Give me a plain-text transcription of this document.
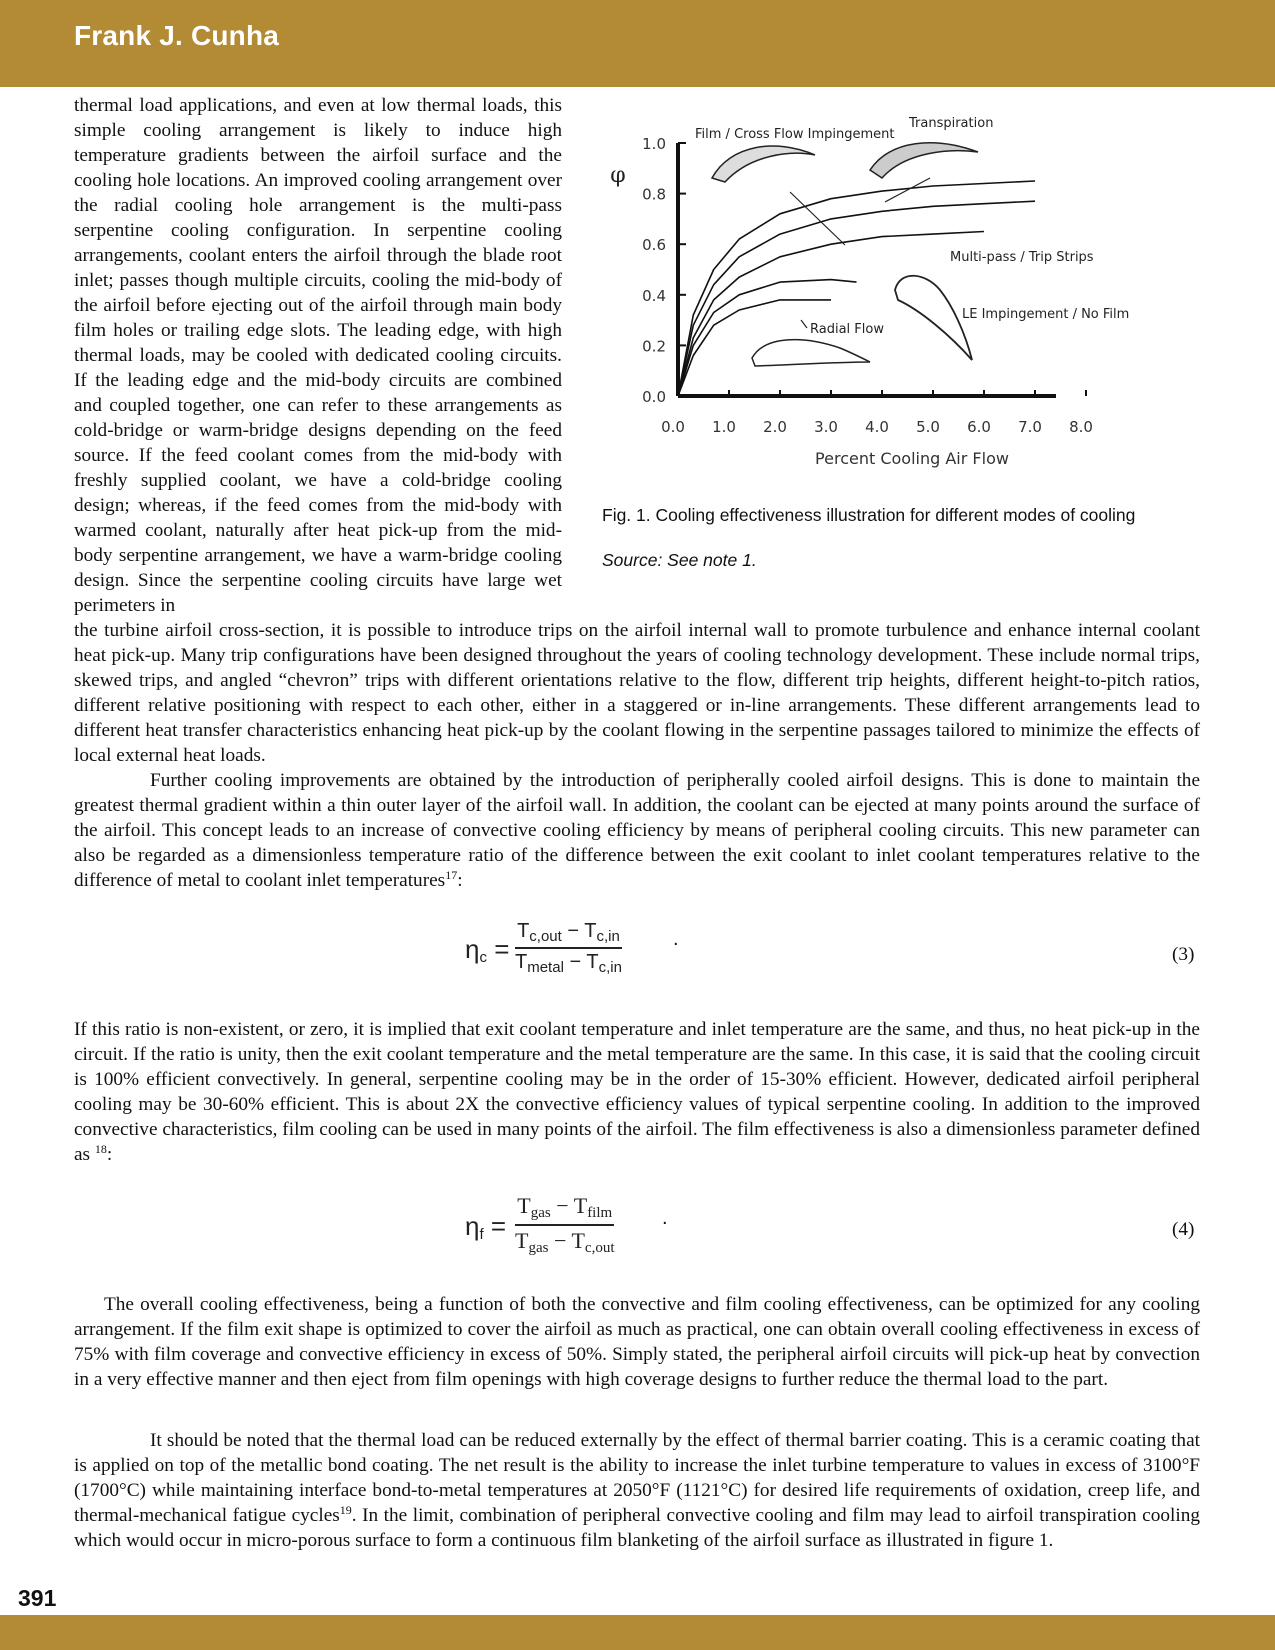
Frank J. Cunha
thermal load applications, and even at low thermal loads, this simple cooling arrangement is likely to induce high temperature gradients between the airfoil surface and the cooling hole locations. An improved cooling arrangement over the radial cooling hole arrangement is the multi-pass serpentine cooling configuration. In serpentine cooling arrangements, coolant enters the airfoil through the blade root inlet; passes though multiple circuits, cooling the mid-body of the airfoil before ejecting out of the airfoil through main body film holes or trailing edge slots. The leading edge, with high thermal loads, may be cooled with dedicated cooling circuits. If the leading edge and the mid-body circuits are combined and coupled together, one can refer to these arrangements as cold-bridge or warm-bridge designs depending on the feed source. If the feed coolant comes from the mid-body with freshly supplied coolant, we have a cold-bridge cooling design; whereas, if the feed comes from the mid-body with warmed coolant, naturally after heat pick-up from the mid-body serpentine arrangement, we have a warm-bridge cooling design. Since the serpentine cooling circuits have large wet perimeters in
the turbine airfoil cross-section, it is possible to introduce trips on the airfoil internal wall to promote turbulence and enhance internal coolant heat pick-up. Many trip configurations have been designed throughout the years of cooling technology development. These include normal trips, skewed trips, and angled “chevron” trips with different orientations relative to the flow, different trip heights, different height-to-pitch ratios, different relative positioning with respect to each other, either in a staggered or in-line arrangements. These different arrangements lead to different heat transfer characteristics enhancing heat pick-up by the coolant flowing in the serpentine passages tailored to minimize the effects of local external heat loads.
Further cooling improvements are obtained by the introduction of peripherally cooled airfoil designs. This is done to maintain the greatest thermal gradient within a thin outer layer of the airfoil wall. In addition, the coolant can be ejected at many points around the surface of the airfoil. This concept leads to an increase of convective cooling efficiency by means of peripheral cooling circuits. This new parameter can also be regarded as a dimensionless temperature ratio of the difference between the exit coolant to inlet coolant temperatures relative to the difference of metal to coolant inlet temperatures$^{17}$:
0.0
0.2
0.4
0.6
0.8
1.0
0.0 1.0 2.0 3.0 4.0 5.0 6.0 7.0 8.0
Percent Cooling Air Flow
φ
Film / Cross Flow Impingement
Transpiration
Multi-pass / Trip Strips
LE Impingement / No Film
Radial Flow
Fig. 1. Cooling effectiveness illustration for different modes of cooling
Source: See note 1.
$\eta_c$ =
$T_{c,out} - T_{c,in}$
$T_{metal} - T_{c,in}$
.
(3)
If this ratio is non-existent, or zero, it is implied that exit coolant temperature and inlet temperature are the same, and thus, no heat pick-up in the circuit. If the ratio is unity, then the exit coolant temperature and the metal temperature are the same. In this case, it is said that the cooling circuit is 100% efficient convectively. In general, serpentine cooling may be in the order of 15-30% efficient. However, dedicated airfoil peripheral cooling may be 30-60% efficient. This is about 2X the convective efficiency values of typical serpentine cooling. In addition to the improved convective characteristics, film cooling can be used in many points of the airfoil. The film effectiveness is also a dimensionless parameter defined as $^{18}$:
$\eta_f$ =
$T_{gas} - T_{film}$
$T_{gas} - T_{c,out}$
.
(4)
The overall cooling effectiveness, being a function of both the convective and film cooling effectiveness, can be optimized for any cooling arrangement. If the film exit shape is optimized to cover the airfoil as much as practical, one can obtain overall cooling effectiveness in excess of 75% with film coverage and convective efficiency in excess of 50%. Simply stated, the peripheral airfoil circuits will pick-up heat by convection in a very effective manner and then eject from film openings with high coverage designs to further reduce the thermal load to the part.
It should be noted that the thermal load can be reduced externally by the effect of thermal barrier coating. This is a ceramic coating that is applied on top of the metallic bond coating. The net result is the ability to increase the inlet turbine temperature to values in excess of 3100°F (1700°C) while maintaining interface bond-to-metal temperatures at 2050°F (1121°C) for desired life requirements of oxidation, creep life, and thermal-mechanical fatigue cycles$^{19}$. In the limit, combination of peripheral convective cooling and film may lead to airfoil transpiration cooling which would occur in micro-porous surface to form a continuous film blanketing of the airfoil surface as illustrated in figure 1.
391
